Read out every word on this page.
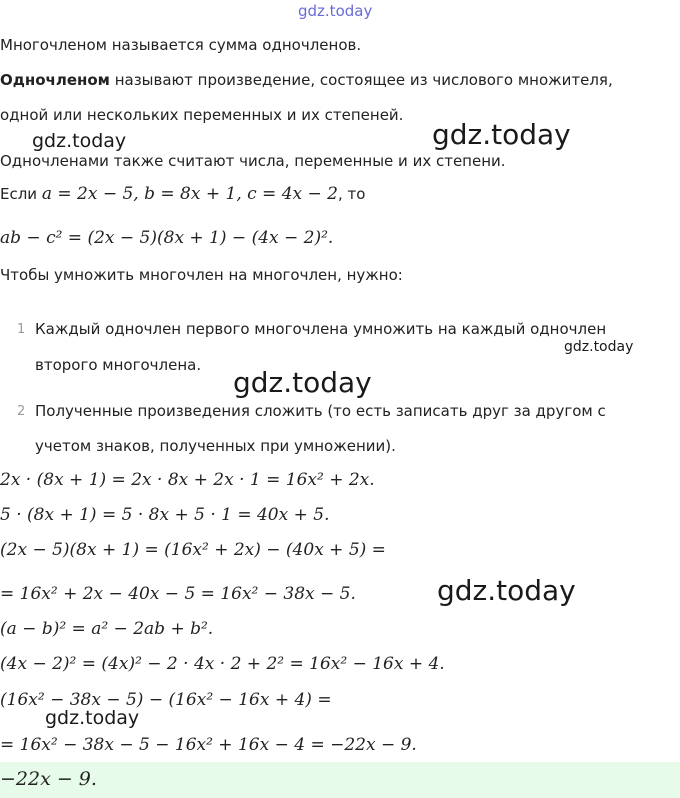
gdz.today
gdz.today	gdz.today
gdz.today
gdz.today
gdz.today
gdz.today
Многочленом называется сумма одночленов.
Одночленом называют произведение, состоящее из числового множителя,
одной или нескольких переменных и их степеней.
Одночленами также считают числа, переменные и их степени.
Если a = 2x − 5, b = 8x + 1, c = 4x − 2, то
ab − c² = (2x − 5)(8x + 1) − (4x − 2)².
Чтобы умножить многочлен на многочлен, нужно:
1 Каждый одночлен первого многочлена умножить на каждый одночлен
второго многочлена.
2 Полученные произведения сложить (то есть записать друг за другом с
учетом знаков, полученных при умножении).
2x · (8x + 1) = 2x · 8x + 2x · 1 = 16x² + 2x.
5 · (8x + 1) = 5 · 8x + 5 · 1 = 40x + 5.
(2x − 5)(8x + 1) = (16x² + 2x) − (40x + 5) =
= 16x² + 2x − 40x − 5 = 16x² − 38x − 5.
(a − b)² = a² − 2ab + b².
(4x − 2)² = (4x)² − 2 · 4x · 2 + 2² = 16x² − 16x + 4.
(16x² − 38x − 5) − (16x² − 16x + 4) =
= 16x² − 38x − 5 − 16x² + 16x − 4 = −22x − 9.
−22x − 9.
